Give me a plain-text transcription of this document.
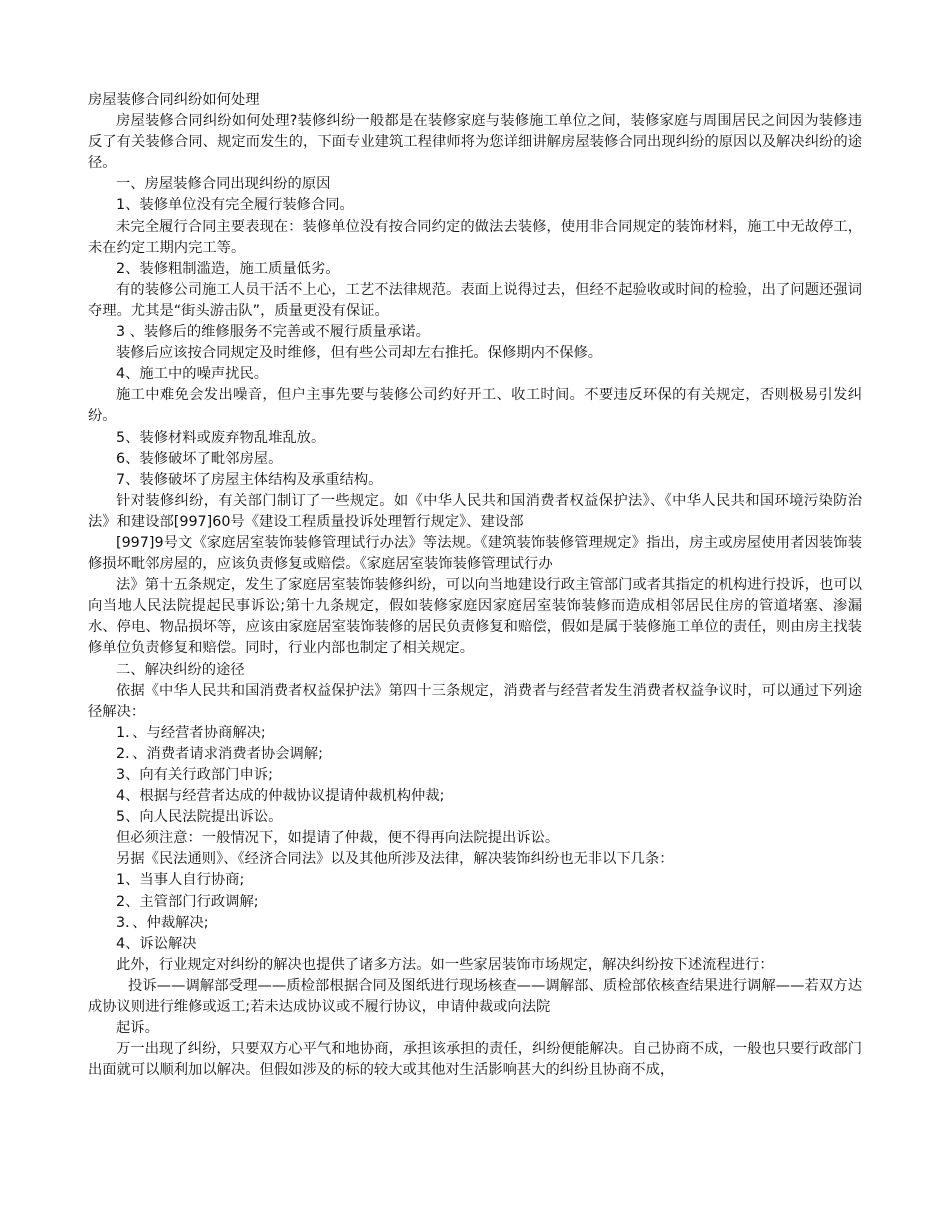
房屋装修合同纠纷如何处理

房屋装修合同纠纷如何处理?装修纠纷一般都是在装修家庭与装修施工单位之间，装修家庭与周围居民之间因为装修违反了有关装修合同、规定而发生的，下面专业建筑工程律师将为您详细讲解房屋装修合同出现纠纷的原因以及解决纠纷的途径。

一、房屋装修合同出现纠纷的原因

1、装修单位没有完全履行装修合同。

未完全履行合同主要表现在：装修单位没有按合同约定的做法去装修，使用非合同规定的装饰材料，施工中无故停工，未在约定工期内完工等。

2、装修粗制滥造，施工质量低劣。

有的装修公司施工人员干活不上心，工艺不法律规范。表面上说得过去，但经不起验收或时间的检验，出了问题还强词夺理。尤其是“街头游击队”，质量更没有保证。

3 、装修后的维修服务不完善或不履行质量承诺。

装修后应该按合同规定及时维修，但有些公司却左右推托。保修期内不保修。

4、施工中的噪声扰民。

施工中难免会发出噪音，但户主事先要与装修公司约好开工、收工时间。不要违反环保的有关规定，否则极易引发纠纷。

5、装修材料或废弃物乱堆乱放。

6、装修破坏了毗邻房屋。

7、装修破坏了房屋主体结构及承重结构。

针对装修纠纷，有关部门制订了一些规定。如《中华人民共和国消费者权益保护法》、《中华人民共和国环境污染防治法》和建设部[997]60号《建设工程质量投诉处理暂行规定》、建设部

[997]9号文《家庭居室装饰装修管理试行办法》等法规。《建筑装饰装修管理规定》指出，房主或房屋使用者因装饰装修损坏毗邻房屋的，应该负责修复或赔偿。《家庭居室装饰装修管理试行办

法》第十五条规定，发生了家庭居室装饰装修纠纷，可以向当地建设行政主管部门或者其指定的机构进行投诉，也可以向当地人民法院提起民事诉讼;第十九条规定，假如装修家庭因家庭居室装饰装修而造成相邻居民住房的管道堵塞、渗漏水、停电、物品损坏等，应该由家庭居室装饰装修的居民负责修复和赔偿，假如是属于装修施工单位的责任，则由房主找装修单位负责修复和赔偿。同时，行业内部也制定了相关规定。

二、解决纠纷的途径

依据《中华人民共和国消费者权益保护法》第四十三条规定，消费者与经营者发生消费者权益争议时，可以通过下列途径解决：

1．、与经营者协商解决;

2．、消费者请求消费者协会调解;

3、向有关行政部门申诉;

4、根据与经营者达成的仲裁协议提请仲裁机构仲裁;

5、向人民法院提出诉讼。

但必须注意：一般情况下，如提请了仲裁，便不得再向法院提出诉讼。

另据《民法通则》、《经济合同法》以及其他所涉及法律，解决装饰纠纷也无非以下几条：

1、当事人自行协商;

2、主管部门行政调解;

3．、仲裁解决;

4、诉讼解决

此外，行业规定对纠纷的解决也提供了诸多方法。如一些家居装饰市场规定，解决纠纷按下述流程进行：

投诉——调解部受理——质检部根据合同及图纸进行现场核查——调解部、质检部依核查结果进行调解——若双方达成协议则进行维修或返工;若未达成协议或不履行协议，申请仲裁或向法院

起诉。

万一出现了纠纷，只要双方心平气和地协商，承担该承担的责任，纠纷便能解决。自己协商不成，一般也只要行政部门出面就可以顺利加以解决。但假如涉及的标的较大或其他对生活影响甚大的纠纷且协商不成，
